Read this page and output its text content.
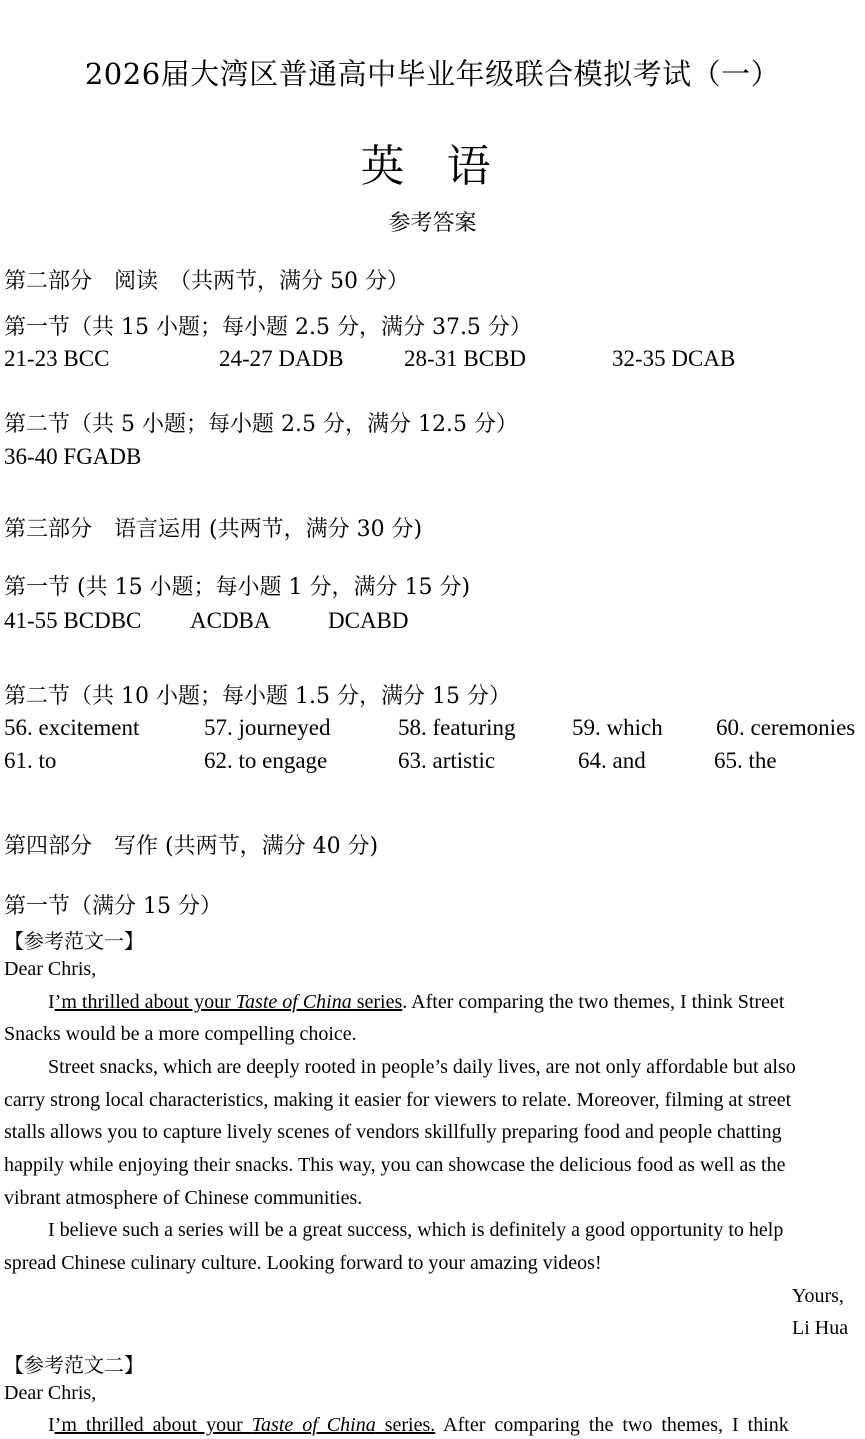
2026届大湾区普通高中毕业年级联合模拟考试（一）
英 语
参考答案
第二部分　阅读　（共两节，满分 50 分）
第一节（共 15 小题；每小题 2.5 分，满分 37.5 分）
21-23 BCC	24-27 DADB	28-31 BCBD	32-35 DCAB
第二节（共 5 小题；每小题 2.5 分，满分 12.5 分）
36-40 FGADB
第三部分　语言运用 (共两节，满分 30 分)
第一节 (共 15 小题；每小题 1 分，满分 15 分)
41-55 BCDBC ACDBA DCABD
第二节（共 10 小题；每小题 1.5 分，满分 15 分）
56. excitement	57. journeyed	58. featuring 59. which 60. ceremonies
61. to	62. to engage	63. artistic	64. and	65. the
第四部分　写作 (共两节，满分 40 分)
第一节（满分 15 分）
【参考范文一】
Dear Chris,
I’m thrilled about your Taste of China series. After comparing the two themes, I think Street
Snacks would be a more compelling choice.
Street snacks, which are deeply rooted in people’s daily lives, are not only affordable but also
carry strong local characteristics, making it easier for viewers to relate. Moreover, filming at street
stalls allows you to capture lively scenes of vendors skillfully preparing food and people chatting
happily while enjoying their snacks. This way, you can showcase the delicious food as well as the
vibrant atmosphere of Chinese communities.
I believe such a series will be a great success, which is definitely a good opportunity to help
spread Chinese culinary culture. Looking forward to your amazing videos!
Yours,
Li Hua
【参考范文二】
Dear Chris,
I’m thrilled about your Taste of China series. After comparing the two themes, I think
